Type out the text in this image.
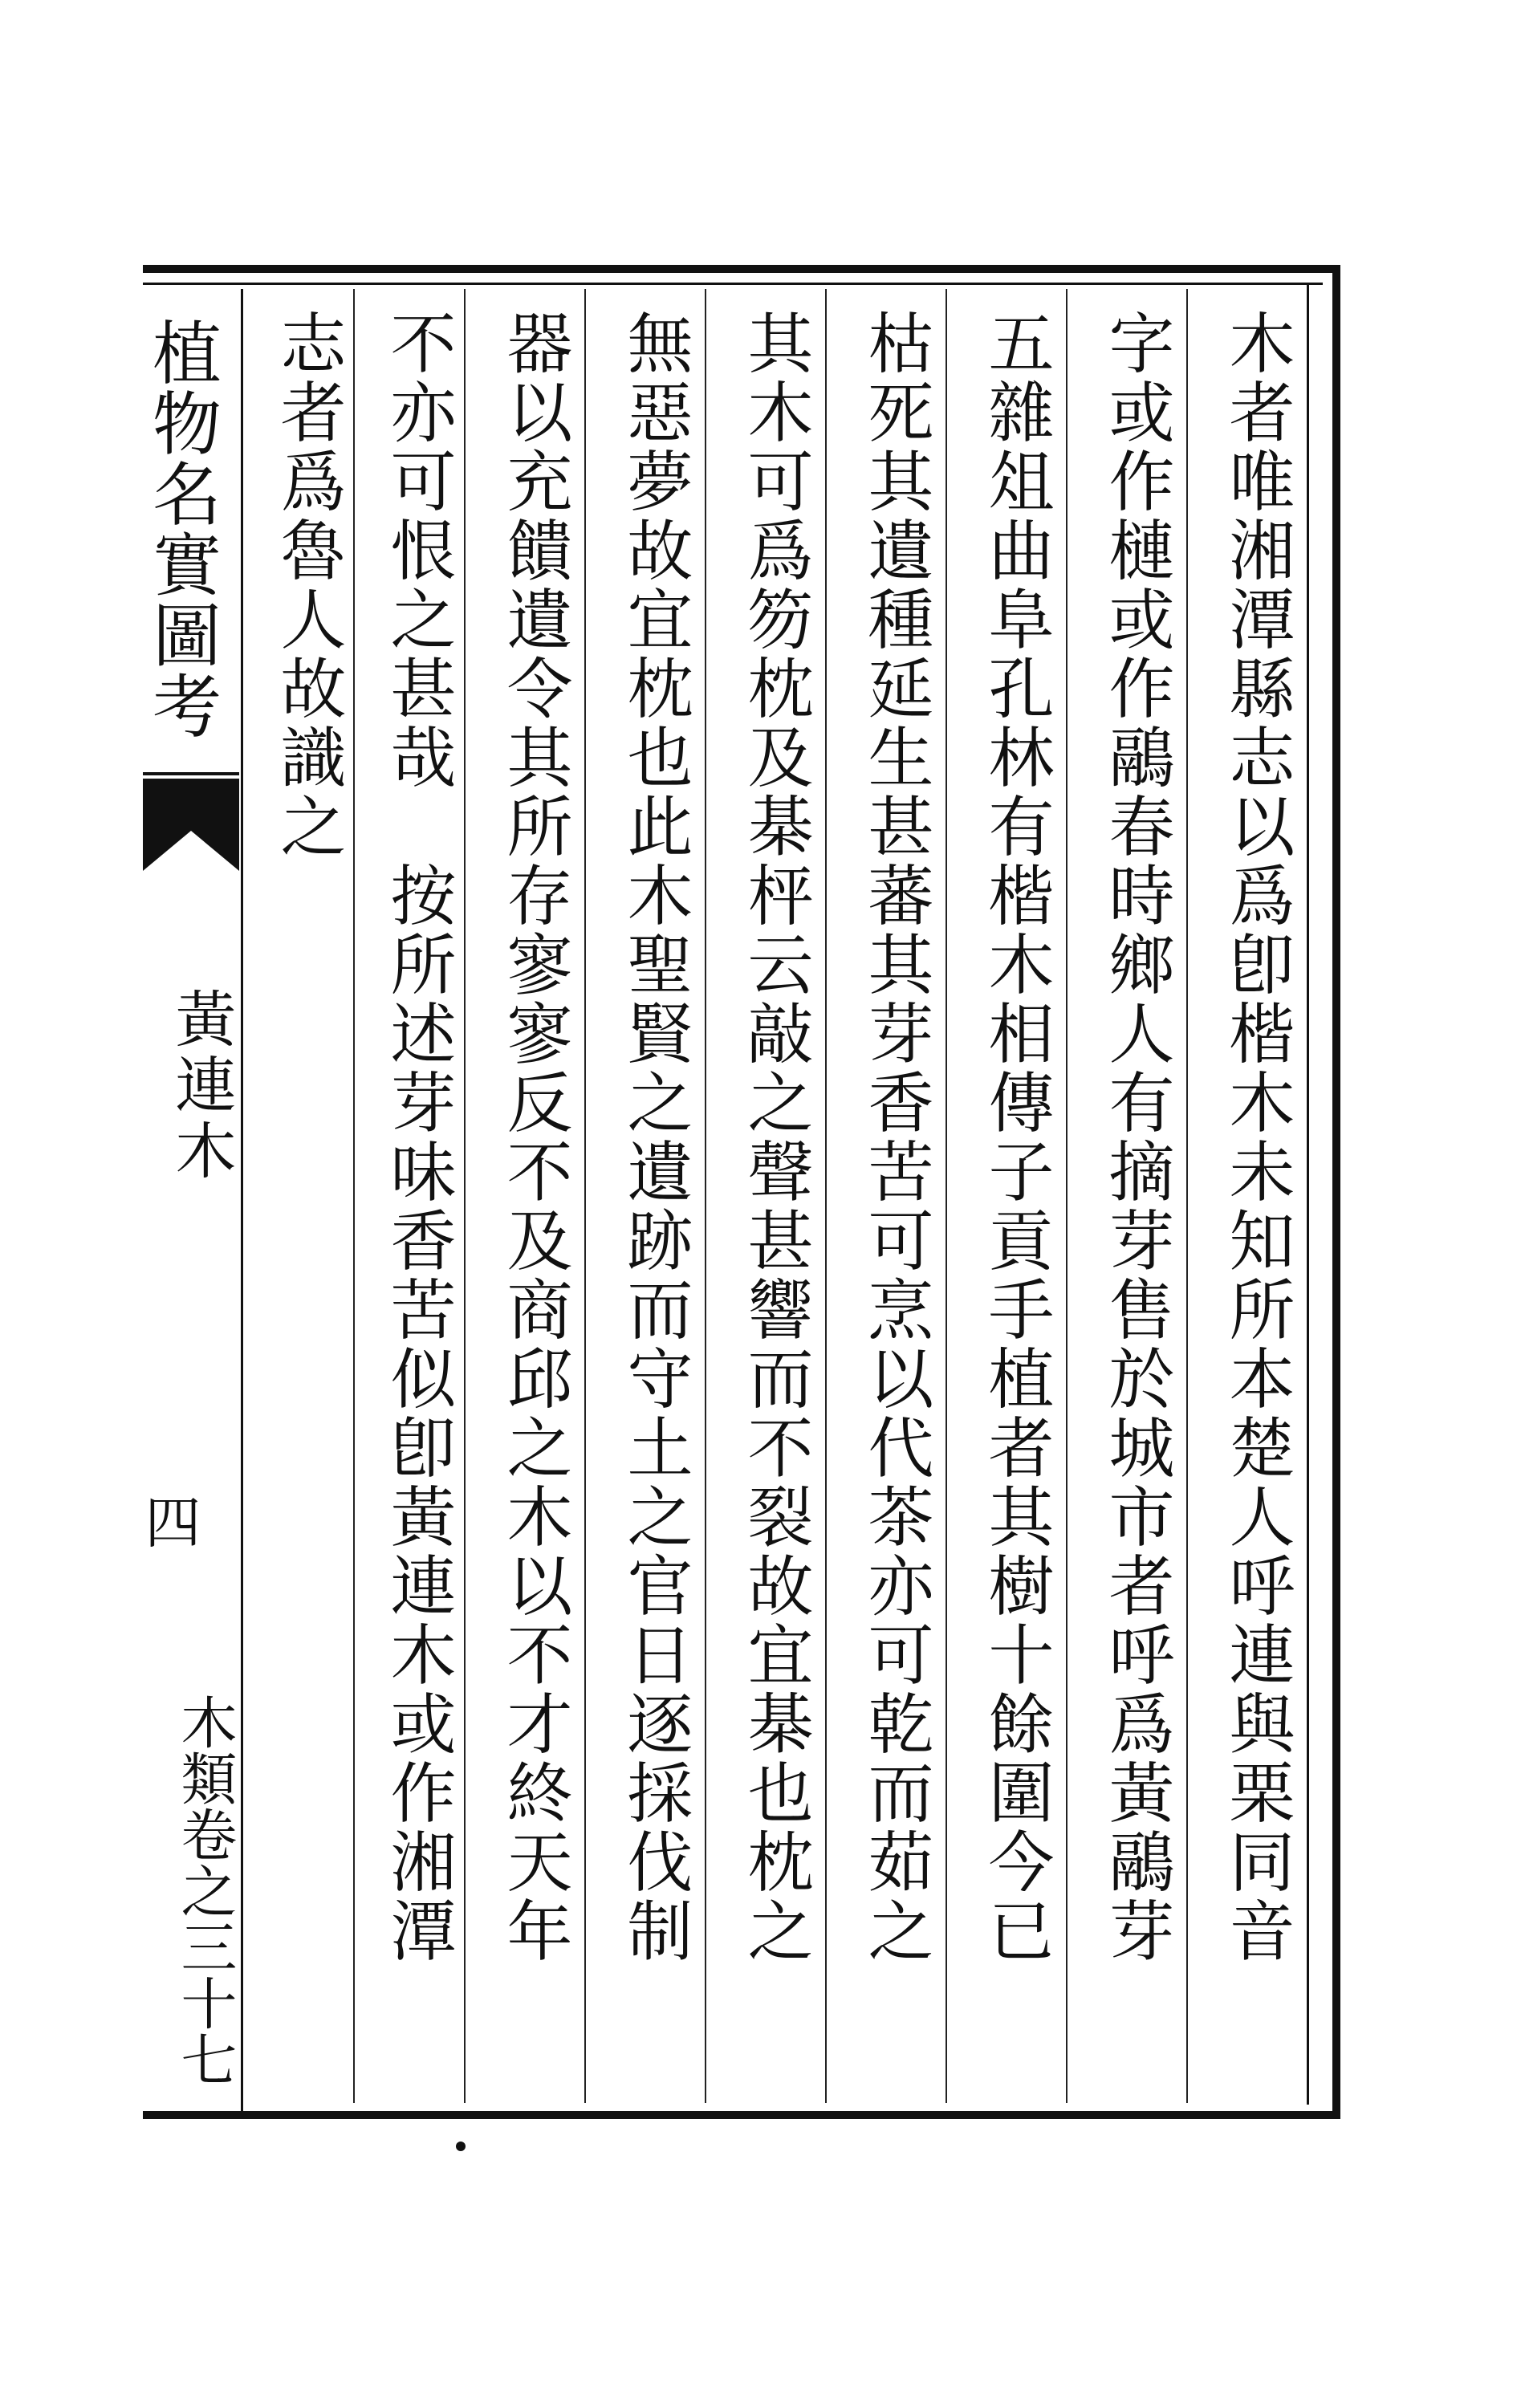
木者唯湘潭縣志以爲卽楷木未知所本楚人呼連與栗同音
字或作槤或作鷊春時鄉人有摘芽售於城市者呼爲黃鷊芽
五雜俎曲阜孔林有楷木相傳子貢手植者其樹十餘圍今已
枯死其遺種延生甚蕃其芽香苦可烹以代茶亦可乾而茹之
其木可爲笏枕及棊枰云敲之聲甚響而不裂故宜棊也枕之
無惡夢故宜枕也此木聖賢之遺跡而守土之官日逐採伐制
器以充饋遺令其所存寥寥反不及商邱之木以不才終天年
不亦可恨之甚哉　按所述芽味香苦似卽黃連木或作湘潭
志者爲魯人故識之
植物名實圖考
黃連木
四
木類卷之三十七
